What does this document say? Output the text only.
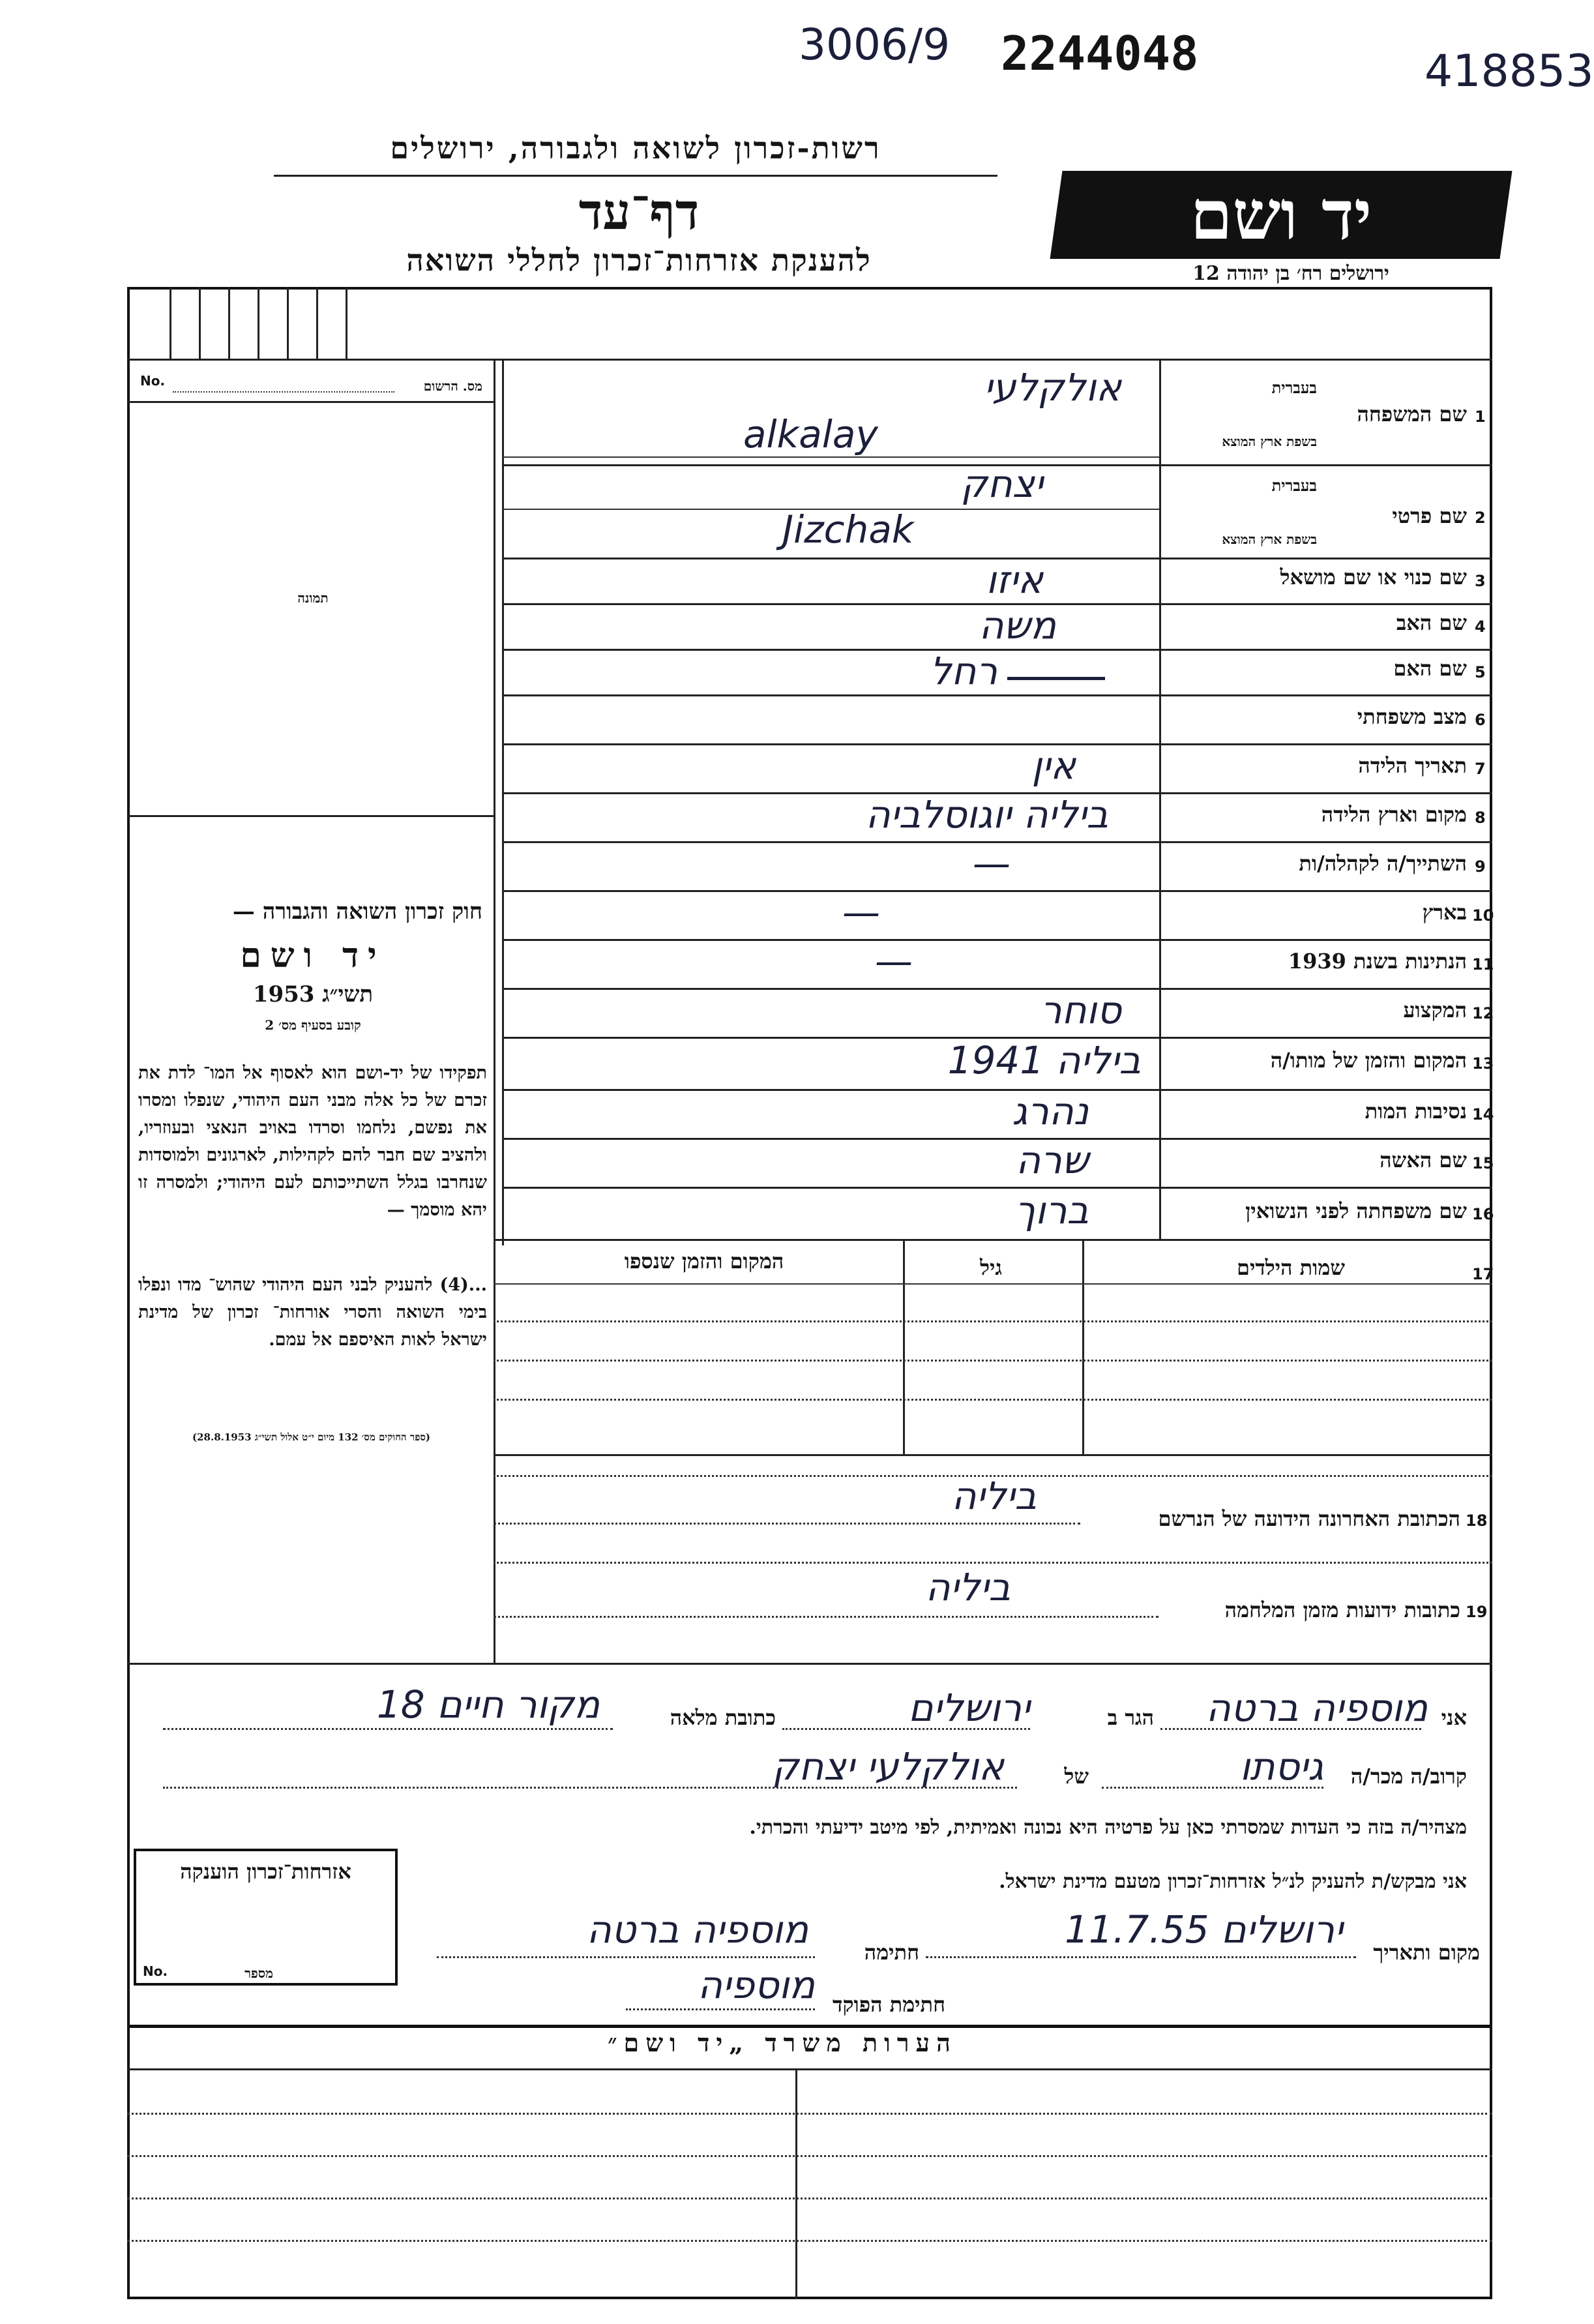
3006/9 2244048	418853
רשות-זכרון לשואה ולגבורה, ירושלים
דף־עד
להענקת אזרחות־זכרון לחללי השואה
יד ושם
ירושלים רח׳ בן יהודה 12
No.	מס. הרשום
תמונה
חוק זכרון השואה והגבורה —
יד ושם
תשי״ג 1953
קובע בסעיף מס׳ 2
תפקידו של יד-ושם הוא לאסוף אל המו־ לדת את זכרם של כל אלה מבני העם היהודי, שנפלו ומסרו את נפשם, נלחמו וסרדו באויב הנאצי ובעוזריו, ולהציב שם חבר להם לקהילות, לארגונים ולמוסדות שנחרבו בגלל השתייכותם לעם היהודי; ולמסרה זו יהא מוסמך —
...(4) להעניק לבני העם היהודי שהוש־ מדו ונפלו בימי השואה והסרי אורחות־ זכרון של מדינת ישראל לאות האיספם אל עמם.
(ספר החוקים מס׳ 132 מיום י״ט אלול תשי״ג 28.8.1953)
1
שם המשפחה
בעברית
בשפת ארץ המוצא
אולקלעי
alkalay
2
שם פרטי
בעברית
בשפת ארץ המוצא
יצחק
Jizchak
3
שם כנוי או שם מושאל
איזו
4
שם האב
משה
5
שם האם
רחל
6
מצב משפחתי
7
תאריך הלידה
אין
8
מקום וארץ הלידה
ביליה יוגוסלביה
9
השתייך/ה לקהלה/ות
—
10
בארץ
—
11
הנתינות בשנת 1939
—
12
המקצוע
סוחר
13
המקום והזמן של מותו/ה
ביליה 1941
14
נסיבות המות
נהרג
15
שם האשה
שרה
16
שם משפחתה לפני הנשואין
ברוך
17
שמות הילדים
גיל
המקום והזמן שנספו
ביליה
הכתובת האחרונה הידועה של הנרשם 18
ביליה
כתובות ידועות מזמן המלחמה 19
אני
מוספיה ברטה
הגר ב
ירושלים
כתובת מלאה
מקור חיים 18
קרוב/ה מכר/ה
גיסתו
של
אולקלעי יצחק
מצהיר/ה בזה כי העדות שמסרתי כאן על פרטיה היא נכונה ואמיתית, לפי מיטב ידיעתי והכרתי.
אני מבקש/ת להעניק לנ״ל אזרחות־זכרון מטעם מדינת ישראל.
מקום ותאריך
ירושלים 11.7.55
חתימה
מוספיה ברטה
חתימת הפוקד
מוספיה
אזרחות־זכרון הוענקה
מספר
No.
הערות משרד „יד ושם״
